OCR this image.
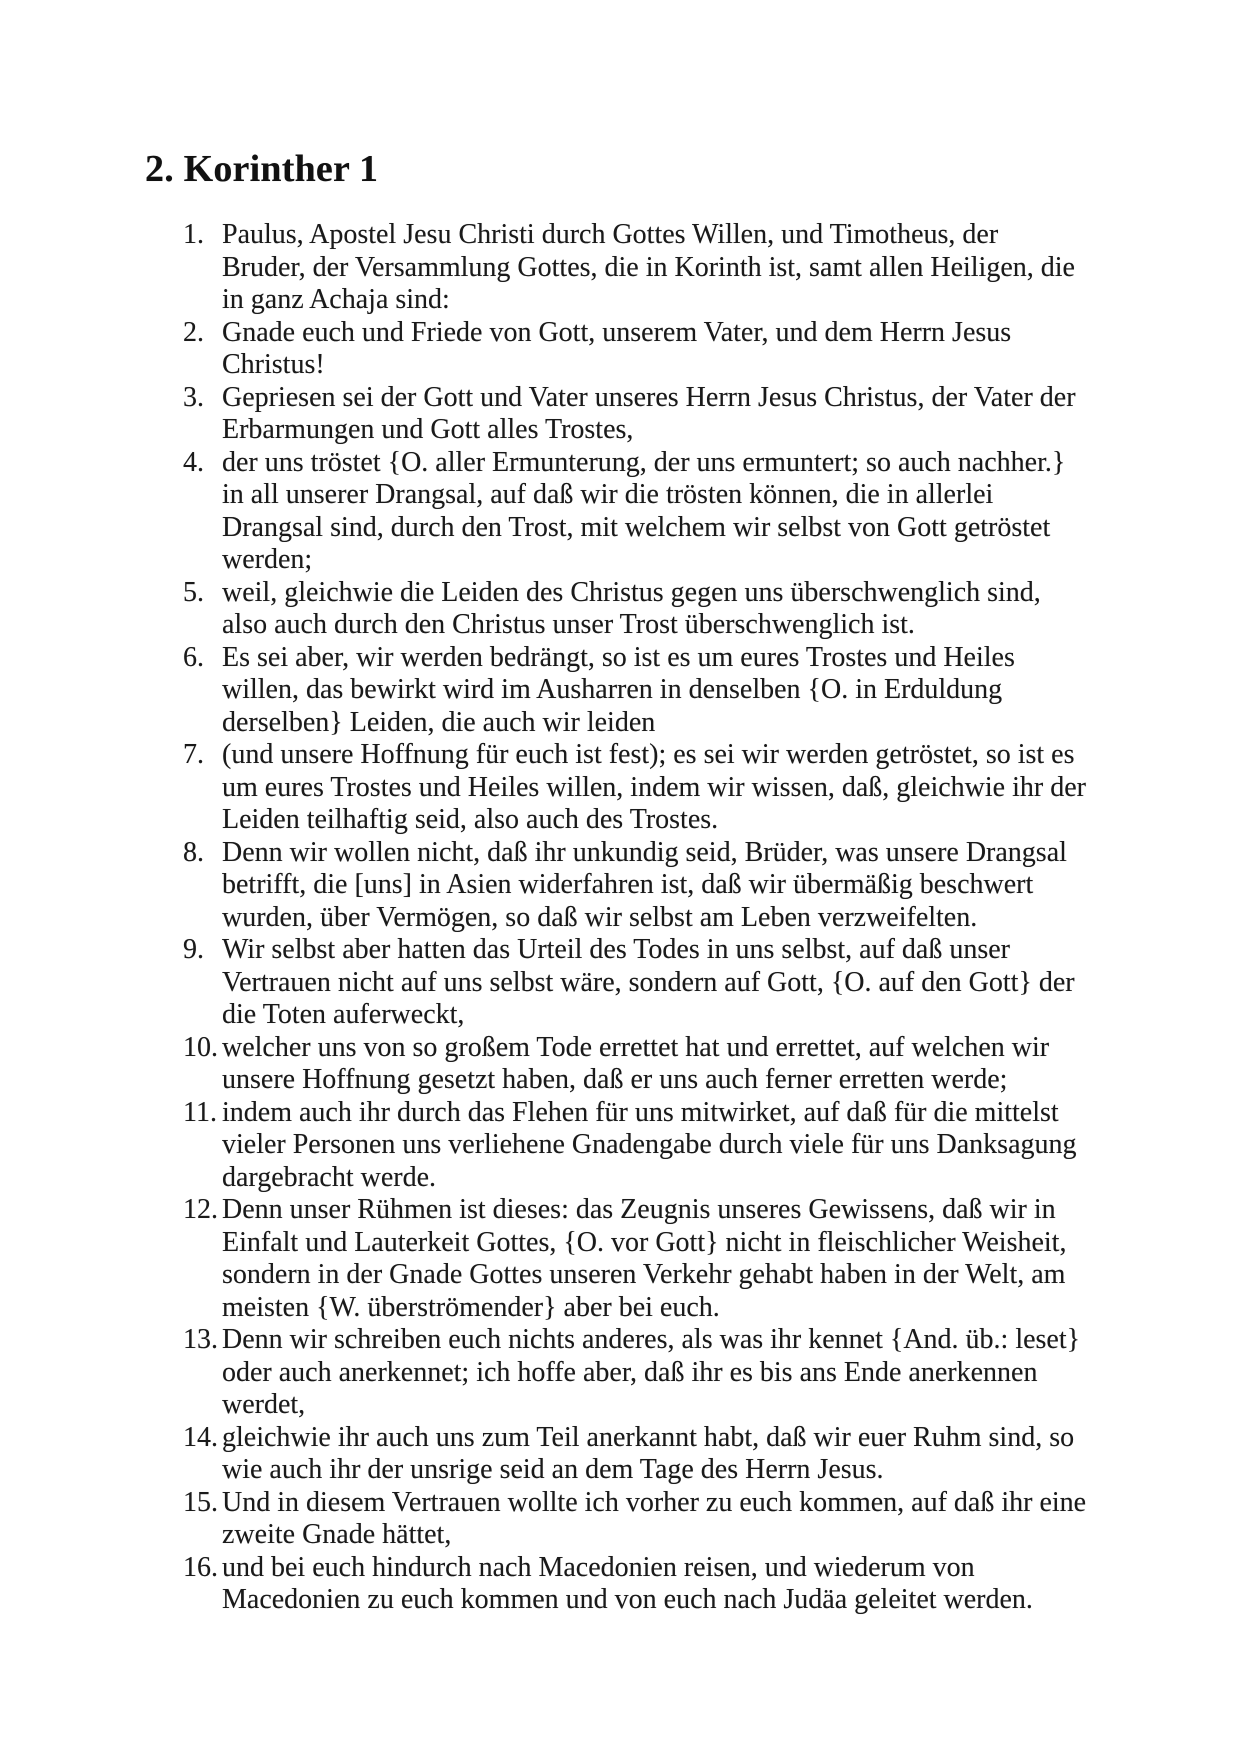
2. Korinther 1
1. Paulus, Apostel Jesu Christi durch Gottes Willen, und Timotheus, der Bruder, der Versammlung Gottes, die in Korinth ist, samt allen Heiligen, die in ganz Achaja sind:
2. Gnade euch und Friede von Gott, unserem Vater, und dem Herrn Jesus Christus!
3. Gepriesen sei der Gott und Vater unseres Herrn Jesus Christus, der Vater der Erbarmungen und Gott alles Trostes,
4. der uns tröstet {O. aller Ermunterung, der uns ermuntert; so auch nachher.} in all unserer Drangsal, auf daß wir die trösten können, die in allerlei Drangsal sind, durch den Trost, mit welchem wir selbst von Gott getröstet werden;
5. weil, gleichwie die Leiden des Christus gegen uns überschwenglich sind, also auch durch den Christus unser Trost überschwenglich ist.
6. Es sei aber, wir werden bedrängt, so ist es um eures Trostes und Heiles willen, das bewirkt wird im Ausharren in denselben {O. in Erduldung derselben} Leiden, die auch wir leiden
7. (und unsere Hoffnung für euch ist fest); es sei wir werden getröstet, so ist es um eures Trostes und Heiles willen, indem wir wissen, daß, gleichwie ihr der Leiden teilhaftig seid, also auch des Trostes.
8. Denn wir wollen nicht, daß ihr unkundig seid, Brüder, was unsere Drangsal betrifft, die [uns] in Asien widerfahren ist, daß wir übermäßig beschwert wurden, über Vermögen, so daß wir selbst am Leben verzweifelten.
9. Wir selbst aber hatten das Urteil des Todes in uns selbst, auf daß unser Vertrauen nicht auf uns selbst wäre, sondern auf Gott, {O. auf den Gott} der die Toten auferweckt,
10. welcher uns von so großem Tode errettet hat und errettet, auf welchen wir unsere Hoffnung gesetzt haben, daß er uns auch ferner erretten werde;
11. indem auch ihr durch das Flehen für uns mitwirket, auf daß für die mittelst vieler Personen uns verliehene Gnadengabe durch viele für uns Danksagung dargebracht werde.
12. Denn unser Rühmen ist dieses: das Zeugnis unseres Gewissens, daß wir in Einfalt und Lauterkeit Gottes, {O. vor Gott} nicht in fleischlicher Weisheit, sondern in der Gnade Gottes unseren Verkehr gehabt haben in der Welt, am meisten {W. überströmender} aber bei euch.
13. Denn wir schreiben euch nichts anderes, als was ihr kennet {And. üb.: leset} oder auch anerkennet; ich hoffe aber, daß ihr es bis ans Ende anerkennen werdet,
14. gleichwie ihr auch uns zum Teil anerkannt habt, daß wir euer Ruhm sind, so wie auch ihr der unsrige seid an dem Tage des Herrn Jesus.
15. Und in diesem Vertrauen wollte ich vorher zu euch kommen, auf daß ihr eine zweite Gnade hättet,
16. und bei euch hindurch nach Macedonien reisen, und wiederum von Macedonien zu euch kommen und von euch nach Judäa geleitet werden.
